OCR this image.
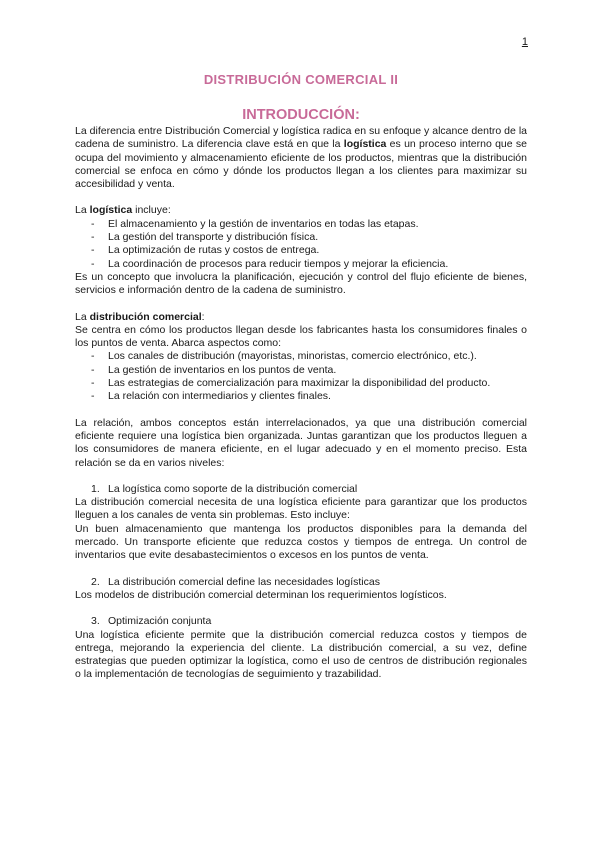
1
DISTRIBUCIÓN COMERCIAL II
INTRODUCCIÓN:

La diferencia entre Distribución Comercial y logística radica en su enfoque y alcance dentro de la cadena de suministro. La diferencia clave está en que la logística es un proceso interno que se ocupa del movimiento y almacenamiento eficiente de los productos, mientras que la distribución comercial se enfoca en cómo y dónde los productos llegan a los clientes para maximizar su accesibilidad y venta.

La logística incluye:

- El almacenamiento y la gestión de inventarios en todas las etapas.
- La gestión del transporte y distribución física.
- La optimización de rutas y costos de entrega.
- La coordinación de procesos para reducir tiempos y mejorar la eficiencia.

Es un concepto que involucra la planificación, ejecución y control del flujo eficiente de bienes, servicios e información dentro de la cadena de suministro.

La distribución comercial:

Se centra en cómo los productos llegan desde los fabricantes hasta los consumidores finales o los puntos de venta. Abarca aspectos como:

- Los canales de distribución (mayoristas, minoristas, comercio electrónico, etc.).
- La gestión de inventarios en los puntos de venta.
- Las estrategias de comercialización para maximizar la disponibilidad del producto.
- La relación con intermediarios y clientes finales.

La relación, ambos conceptos están interrelacionados, ya que una distribución comercial eficiente requiere una logística bien organizada. Juntas garantizan que los productos lleguen a los consumidores de manera eficiente, en el lugar adecuado y en el momento preciso. Esta relación se da en varios niveles:

1. La logística como soporte de la distribución comercial

La distribución comercial necesita de una logística eficiente para garantizar que los productos lleguen a los canales de venta sin problemas. Esto incluye:

Un buen almacenamiento que mantenga los productos disponibles para la demanda del mercado. Un transporte eficiente que reduzca costos y tiempos de entrega. Un control de inventarios que evite desabastecimientos o excesos en los puntos de venta.

2. La distribución comercial define las necesidades logísticas

Los modelos de distribución comercial determinan los requerimientos logísticos.

3. Optimización conjunta

Una logística eficiente permite que la distribución comercial reduzca costos y tiempos de entrega, mejorando la experiencia del cliente. La distribución comercial, a su vez, define estrategias que pueden optimizar la logística, como el uso de centros de distribución regionales o la implementación de tecnologías de seguimiento y trazabilidad.
